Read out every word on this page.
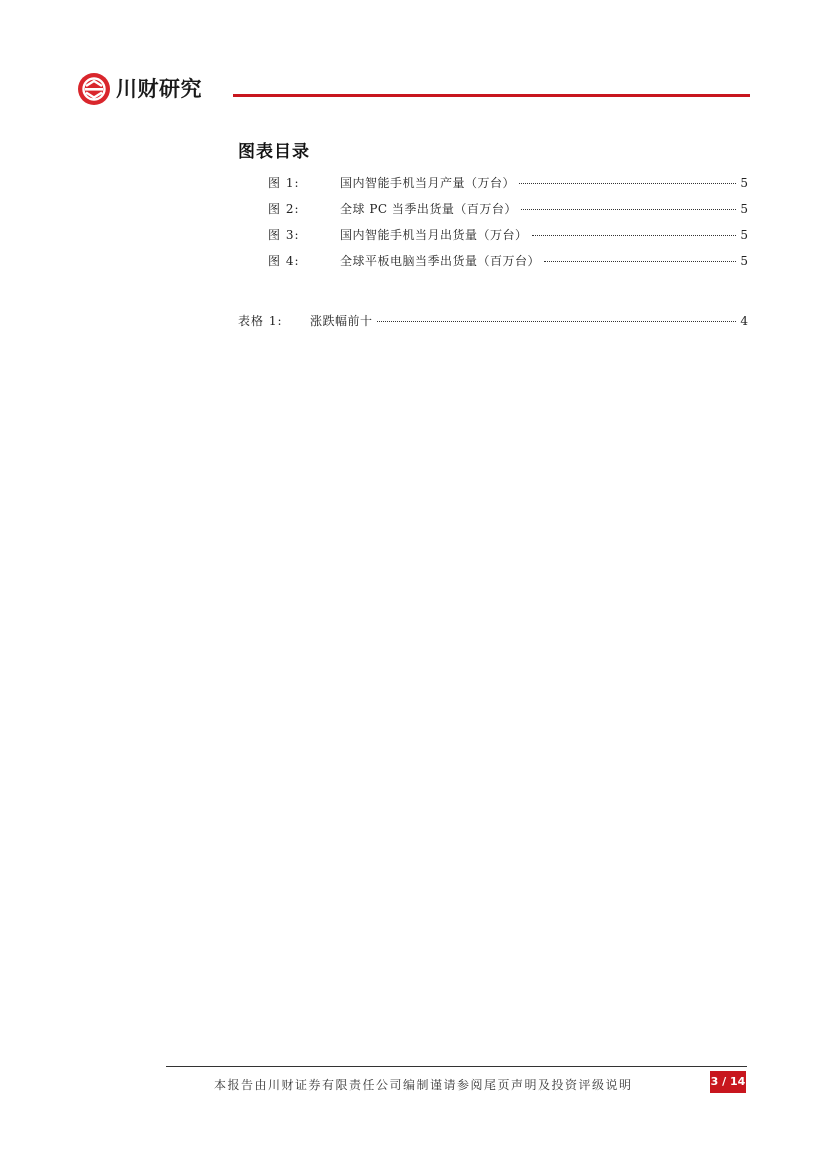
川财研究
图表目录
图 1:	国内智能手机当月产量（万台）	5
图 2:	全球 PC 当季出货量（百万台）	5
图 3:	国内智能手机当月出货量（万台）	5
图 4:	全球平板电脑当季出货量（百万台）	5
表格 1:	涨跌幅前十	4
本报告由川财证券有限责任公司编制谨请参阅尾页声明及投资评级说明	3 / 14
